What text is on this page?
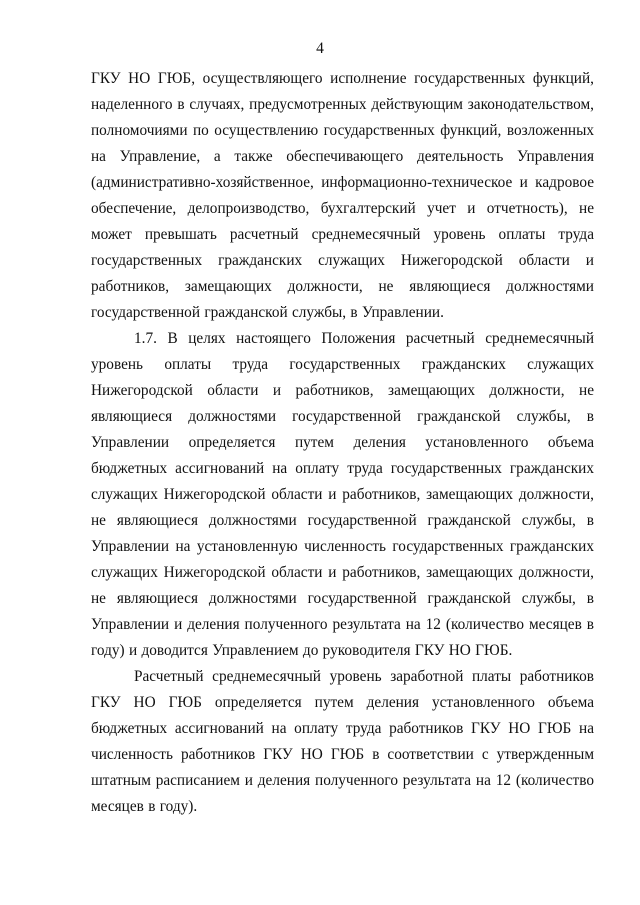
4

ГКУ НО ГЮБ, осуществляющего исполнение государственных функций, наделенного в случаях, предусмотренных действующим законодательством, полномочиями по осуществлению государственных функций, возложенных на Управление, а также обеспечивающего деятельность Управления (административно-хозяйственное, информационно-техническое и кадровое обеспечение, делопроизводство, бухгалтерский учет и отчетность), не может превышать расчетный среднемесячный уровень оплаты труда государственных гражданских служащих Нижегородской области и работников, замещающих должности, не являющиеся должностями государственной гражданской службы, в Управлении.

1.7. В целях настоящего Положения расчетный среднемесячный уровень оплаты труда государственных гражданских служащих Нижегородской области и работников, замещающих должности, не являющиеся должностями государственной гражданской службы, в Управлении определяется путем деления установленного объема бюджетных ассигнований на оплату труда государственных гражданских служащих Нижегородской области и работников, замещающих должности, не являющиеся должностями государственной гражданской службы, в Управлении на установленную численность государственных гражданских служащих Нижегородской области и работников, замещающих должности, не являющиеся должностями государственной гражданской службы, в Управлении и деления полученного результата на 12 (количество месяцев в году) и доводится Управлением до руководителя ГКУ НО ГЮБ.

Расчетный среднемесячный уровень заработной платы работников ГКУ НО ГЮБ определяется путем деления установленного объема бюджетных ассигнований на оплату труда работников ГКУ НО ГЮБ на численность работников ГКУ НО ГЮБ в соответствии с утвержденным штатным расписанием и деления полученного результата на 12 (количество месяцев в году).
